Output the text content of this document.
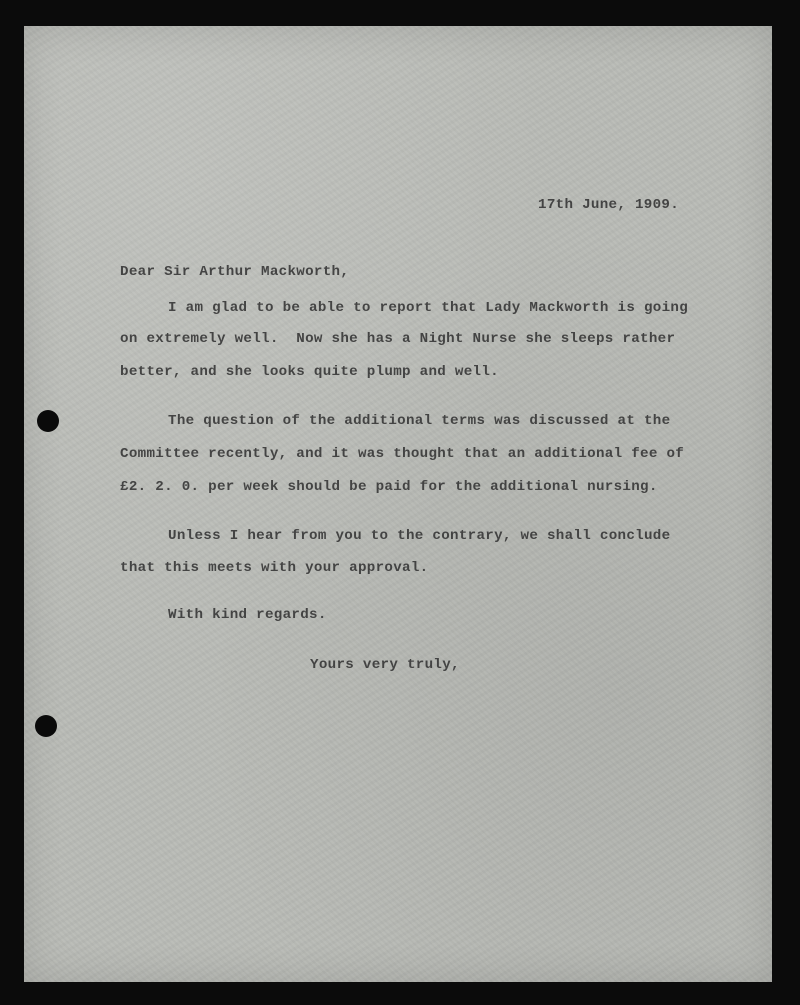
17th June, 1909.

Dear Sir Arthur Mackworth,

I am glad to be able to report that Lady Mackworth is going

on extremely well.  Now she has a Night Nurse she sleeps rather

better, and she looks quite plump and well.

The question of the additional terms was discussed at the

Committee recently, and it was thought that an additional fee of

£2. 2. 0. per week should be paid for the additional nursing.

Unless I hear from you to the contrary, we shall conclude

that this meets with your approval.

With kind regards.

Yours very truly,
